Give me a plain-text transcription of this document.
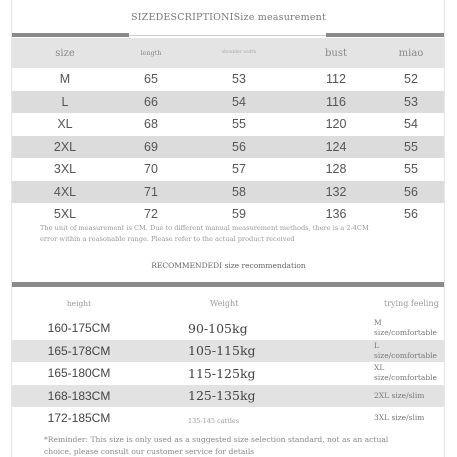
SIZEDESCRIPTIONISize measurement
size	length	shoulder width	bust	miao
M	65	53	112	52
L	66	54	116	53
XL	68	55	120	54
2XL	69	56	124	55
3XL	70	57	128	55
4XL	71	58	132	56
5XL	72	59	136	56
The unit of measurement is CM. Due to different manual measurement methods, there is a 2-4CM error within a reasonable range. Please refer to the actual product received
RECOMMENDEDI size recommendation
height	Weight	trying feeling
160-175CM	90-105kg	M size/comfortable
165-178CM	105-115kg	L size/comfortable
165-180CM	115-125kg	XL size/comfortable
168-183CM	125-135kg	2XL size/slim
172-185CM	135-145 cattles	3XL size/slim
*Reminder: This size is only used as a suggested size selection standard, not as an actual choice, please consult our customer service for details
